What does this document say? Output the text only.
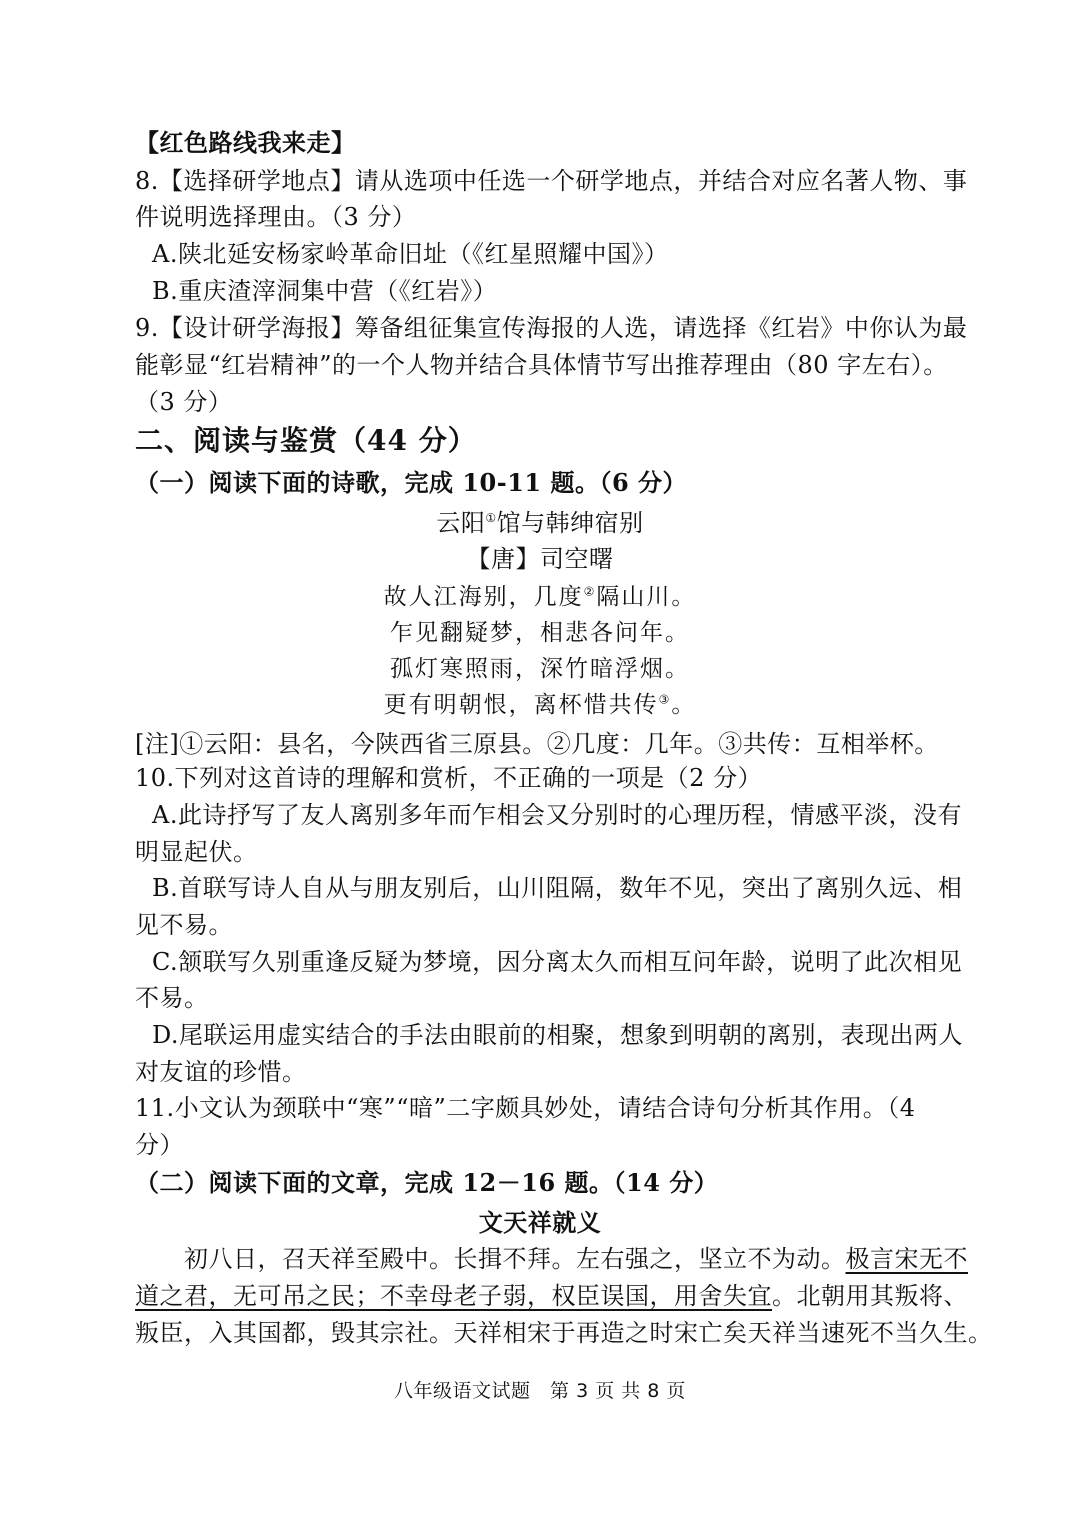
【红色路线我来走】
8.【选择研学地点】请从选项中任选一个研学地点，并结合对应名著人物、事
件说明选择理由。（3 分）
A.陕北延安杨家岭革命旧址（《红星照耀中国》）
B.重庆渣滓洞集中营（《红岩》）
9.【设计研学海报】筹备组征集宣传海报的人选，请选择《红岩》中你认为最
能彰显“红岩精神”的一个人物并结合具体情节写出推荐理由（80 字左右）。
（3 分）
二、阅读与鉴赏（44 分）
（一）阅读下面的诗歌，完成 10-11 题。（6 分）
云阳①馆与韩绅宿别
【唐】司空曙
故人江海别，几度②隔山川。
乍见翻疑梦，相悲各问年。
孤灯寒照雨，深竹暗浮烟。
更有明朝恨，离杯惜共传③。
[注]①云阳：县名，今陕西省三原县。②几度：几年。③共传：互相举杯。
10.下列对这首诗的理解和赏析，不正确的一项是（2 分）
A.此诗抒写了友人离别多年而乍相会又分别时的心理历程，情感平淡，没有
明显起伏。
B.首联写诗人自从与朋友别后，山川阻隔，数年不见，突出了离别久远、相
见不易。
C.颔联写久别重逢反疑为梦境，因分离太久而相互问年龄，说明了此次相见
不易。
D.尾联运用虚实结合的手法由眼前的相聚，想象到明朝的离别，表现出两人
对友谊的珍惜。
11.小文认为颈联中“寒”“暗”二字颇具妙处，请结合诗句分析其作用。（4
分）
（二）阅读下面的文章，完成 12－16 题。（14 分）
文天祥就义
初八日，召天祥至殿中。长揖不拜。左右强之，坚立不为动。极言宋无不
道之君，无可吊之民；不幸母老子弱，权臣误国，用舍失宜。北朝用其叛将、
叛臣，入其国都，毁其宗社。天祥相宋于再造之时宋亡矣天祥当速死不当久生。
八年级语文试题　第 3 页 共 8 页
